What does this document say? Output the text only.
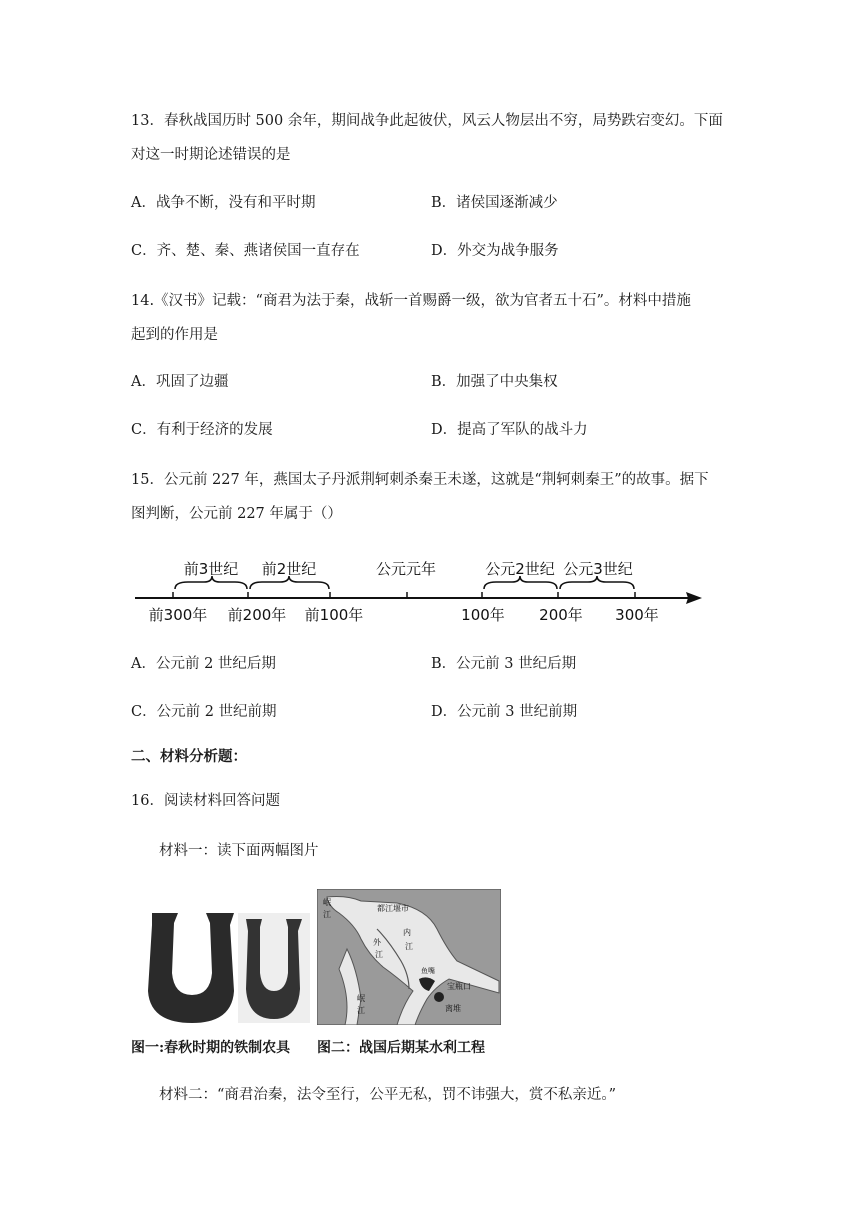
13．春秋战国历时 500 余年，期间战争此起彼伏，风云人物层出不穷，局势跌宕变幻。下面
对这一时期论述错误的是
A．战争不断，没有和平时期	B．诸侯国逐渐减少
C．齐、楚、秦、燕诸侯国一直存在	D．外交为战争服务
14.《汉书》记载：“商君为法于秦，战斩一首赐爵一级，欲为官者五十石”。材料中措施
起到的作用是
A．巩固了边疆	B．加强了中央集权
C．有利于经济的发展	D．提高了军队的战斗力
15．公元前 227 年，燕国太子丹派荆轲刺杀秦王未遂，这就是“荆轲刺秦王”的故事。据下
图判断，公元前 227 年属于（）
前3世纪 前2世纪	公元元年	公元2世纪 公元3世纪
前300年 前200年 前100年	100年 200年 300年
A．公元前 2 世纪后期	B．公元前 3 世纪后期
C．公元前 2 世纪前期	D．公元前 3 世纪前期
二、材料分析题：
16．阅读材料回答问题
材料一：读下面两幅图片
岷
江
都江堰市
内
江
外
江
鱼嘴
宝瓶口
岷
江	离堆
图一:春秋时期的铁制农具 图二：战国后期某水利工程
材料二：“商君治秦，法令至行，公平无私，罚不讳强大，赏不私亲近。”
